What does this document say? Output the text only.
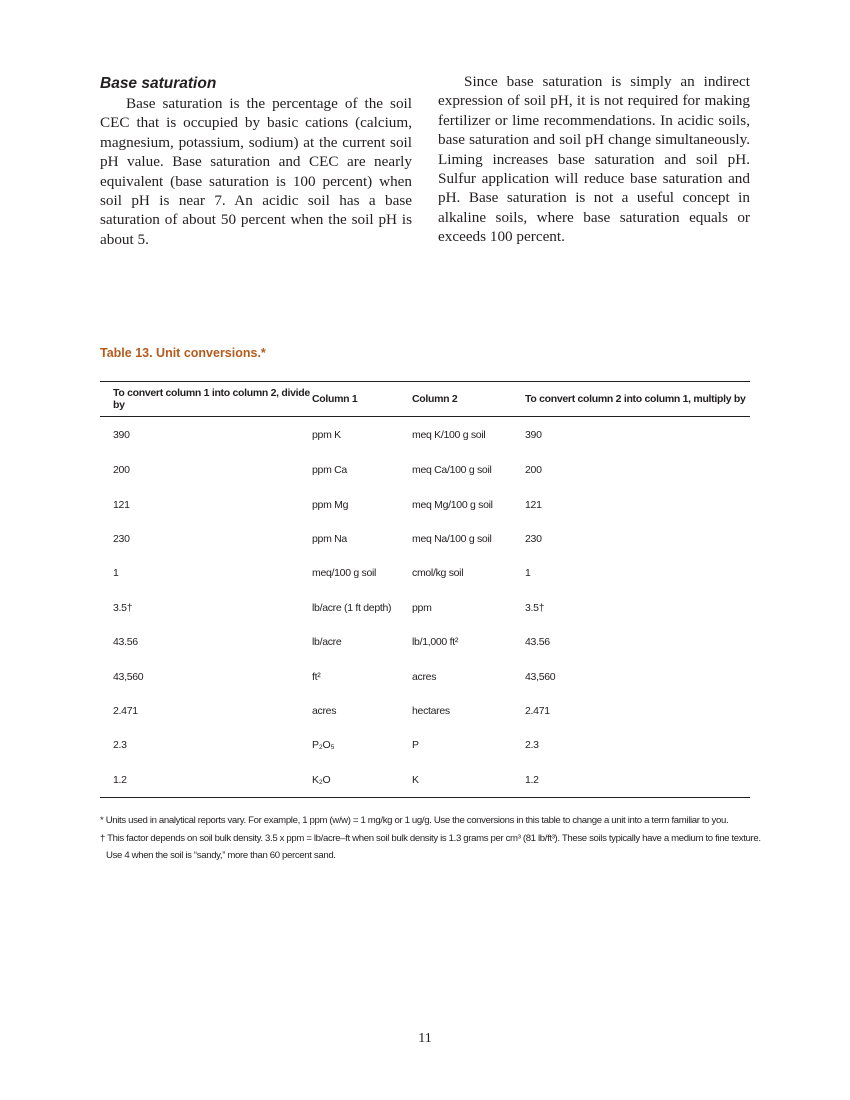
Base saturation

Base saturation is the percentage of the soil CEC that is occupied by basic cations (calcium, magnesium, potassium, sodium) at the current soil pH value. Base saturation and CEC are nearly equivalent (base saturation is 100 percent) when soil pH is near 7. An acidic soil has a base saturation of about 50 percent when the soil pH is about 5.

Since base saturation is simply an indirect expression of soil pH, it is not required for making fertilizer or lime recommendations. In acidic soils, base saturation and soil pH change simultaneously. Liming increases base saturation and soil pH. Sulfur application will reduce base saturation and pH. Base saturation is not a useful concept in alkaline soils, where base saturation equals or exceeds 100 percent.

Table 13. Unit conversions.*
To convert column 1 into column 2, divide by	Column 1	Column 2	To convert column 2 into column 1, multiply by
390	ppm K	meq K/100 g soil	390
200	ppm Ca	meq Ca/100 g soil	200
121	ppm Mg	meq Mg/100 g soil	121
230	ppm Na	meq Na/100 g soil	230
1	meq/100 g soil	cmol/kg soil	1
3.5†	lb/acre (1 ft depth)	ppm	3.5†
43.56	lb/acre	lb/1,000 ft²	43.56
43,560	ft²	acres	43,560
2.471	acres	hectares	2.471
2.3	P₂O₅	P	2.3
1.2	K₂O	K	1.2
* Units used in analytical reports vary. For example, 1 ppm (w/w) = 1 mg/kg or 1 ug/g. Use the conversions in this table to change a unit into a term familiar to you.
† This factor depends on soil bulk density. 3.5 x ppm = lb/acre–ft when soil bulk density is 1.3 grams per cm³ (81 lb/ft³). These soils typically have a medium to fine texture.
Use 4 when the soil is “sandy,” more than 60 percent sand.
11
